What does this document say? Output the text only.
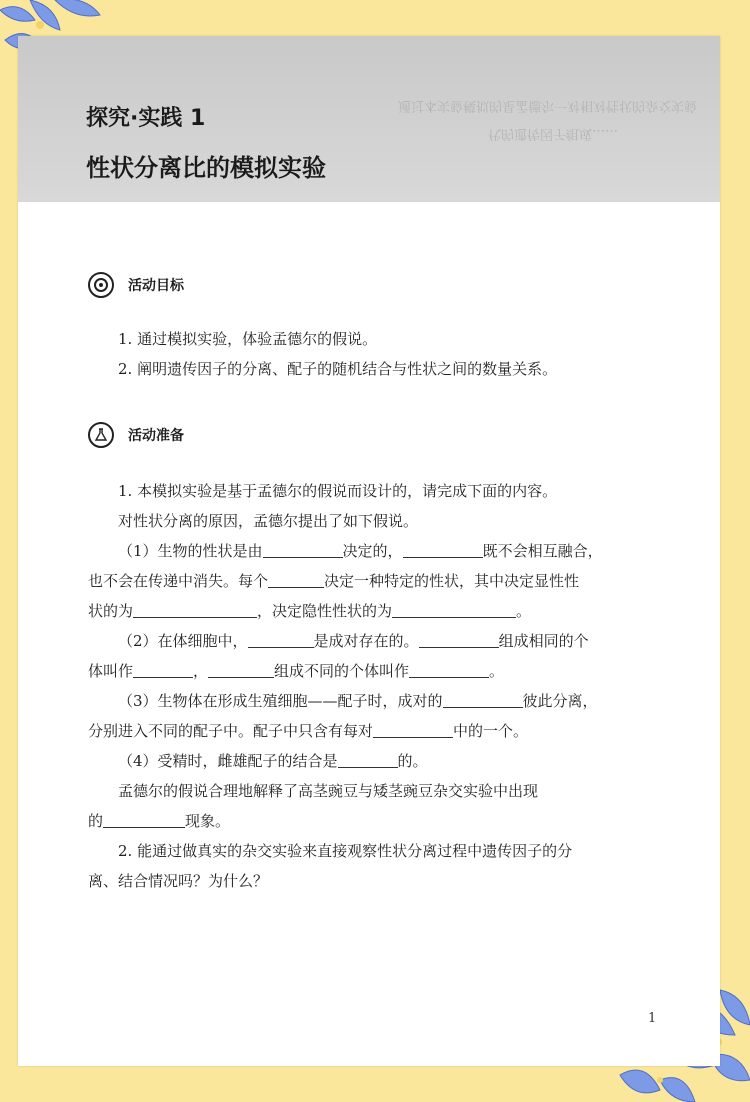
通过本实验模拟的是孟德尔一对相对性状的杂交实验
代的遗传因子组成……
探究·实践 1
性状分离比的模拟实验
活动目标

1. 通过模拟实验，体验孟德尔的假说。

2. 阐明遗传因子的分离、配子的随机结合与性状之间的数量关系。

活动准备

1. 本模拟实验是基于孟德尔的假说而设计的，请完成下面的内容。

对性状分离的原因，孟德尔提出了如下假说。

（1）生物的性状是由	决定的，	既不会相互融合，

也不会在传递中消失。每个	决定一种特定的性状，其中决定显性性

状的为	，决定隐性性状的为	。

（2）在体细胞中，	是成对存在的。	组成相同的个

体叫作	，	组成不同的个体叫作	。

（3）生物体在形成生殖细胞——配子时，成对的	彼此分离，

分别进入不同的配子中。配子中只含有每对	中的一个。

（4）受精时，雌雄配子的结合是	的。

孟德尔的假说合理地解释了高茎豌豆与矮茎豌豆杂交实验中出现

的	现象。

2. 能通过做真实的杂交实验来直接观察性状分离过程中遗传因子的分

离、结合情况吗？为什么？

1
